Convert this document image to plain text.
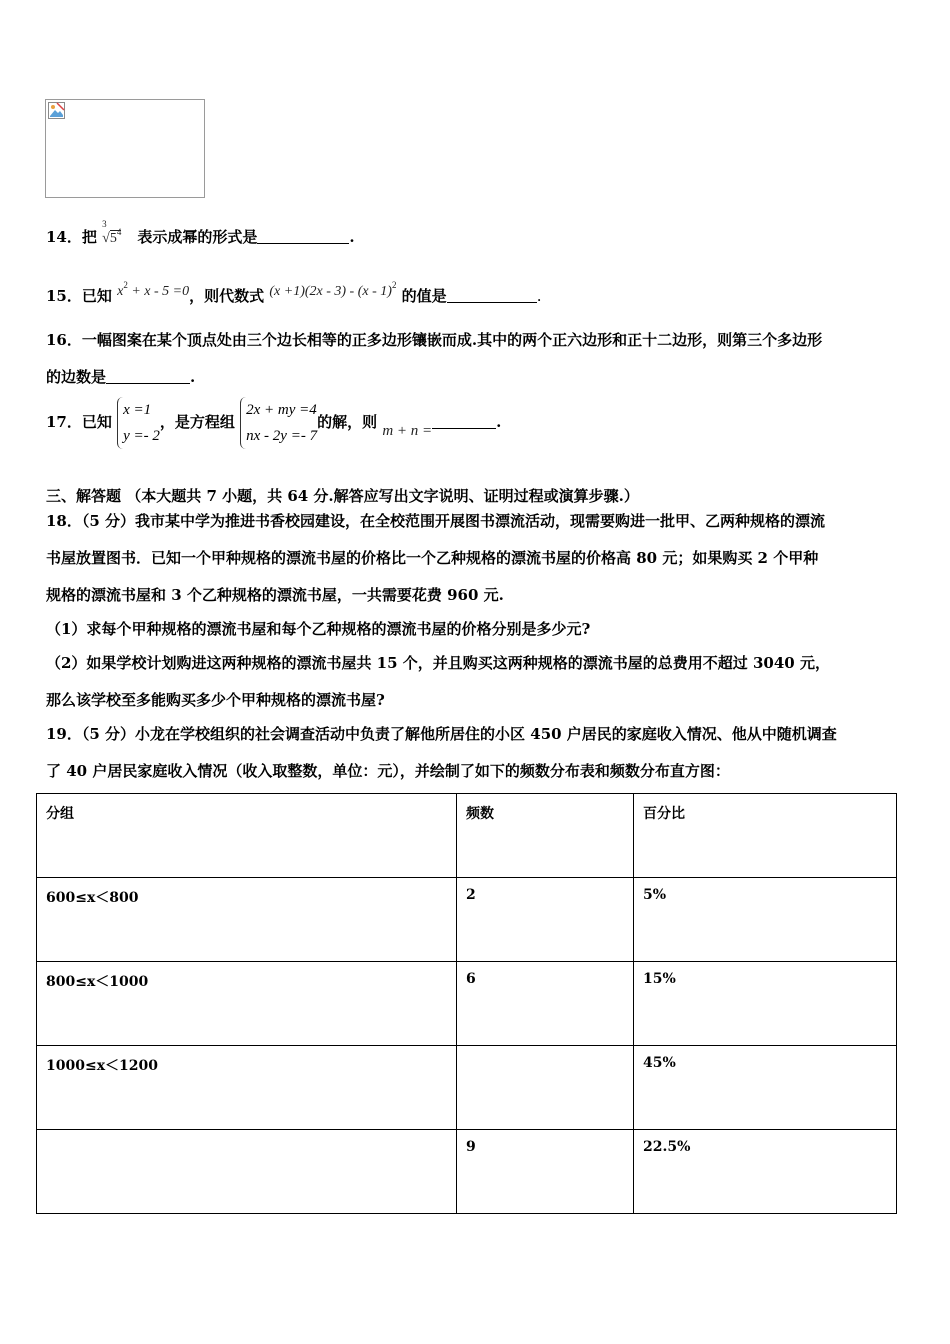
14．把
3
$√5^4$ 表示成幂的形式是	.
15．已知 $x^2 + x - 5 =0$，则代数式 (x +1)(2x - 3) - (x - 1)$^2$ 的值是	.
16．一幅图案在某个顶点处由三个边长相等的正多边形镶嵌而成.其中的两个正六边形和正十二边形，则第三个多边形
的边数是	.
17．已知
x =1
y =- 2
，是方程组
2x + my =4
nx - 2y =- 7
的解，则 m + n =	.
三、解答题 （本大题共 7 小题，共 64 分.解答应写出文字说明、证明过程或演算步骤.）
18．（5 分）我市某中学为推进书香校园建设，在全校范围开展图书漂流活动，现需要购进一批甲、乙两种规格的漂流
书屋放置图书．已知一个甲种规格的漂流书屋的价格比一个乙种规格的漂流书屋的价格高 80 元；如果购买 2 个甲种
规格的漂流书屋和 3 个乙种规格的漂流书屋，一共需要花费 960 元.
（1）求每个甲种规格的漂流书屋和每个乙种规格的漂流书屋的价格分别是多少元?
（2）如果学校计划购进这两种规格的漂流书屋共 15 个，并且购买这两种规格的漂流书屋的总费用不超过 3040 元，
那么该学校至多能购买多少个甲种规格的漂流书屋?
19．（5 分）小龙在学校组织的社会调查活动中负责了解他所居住的小区 450 户居民的家庭收入情况、他从中随机调查
了 40 户居民家庭收入情况（收入取整数，单位：元），并绘制了如下的频数分布表和频数分布直方图：
分组	频数	百分比
600≤x＜800	2	5%
800≤x＜1000	6	15%
1000≤x＜1200		45%
	9	22.5%
